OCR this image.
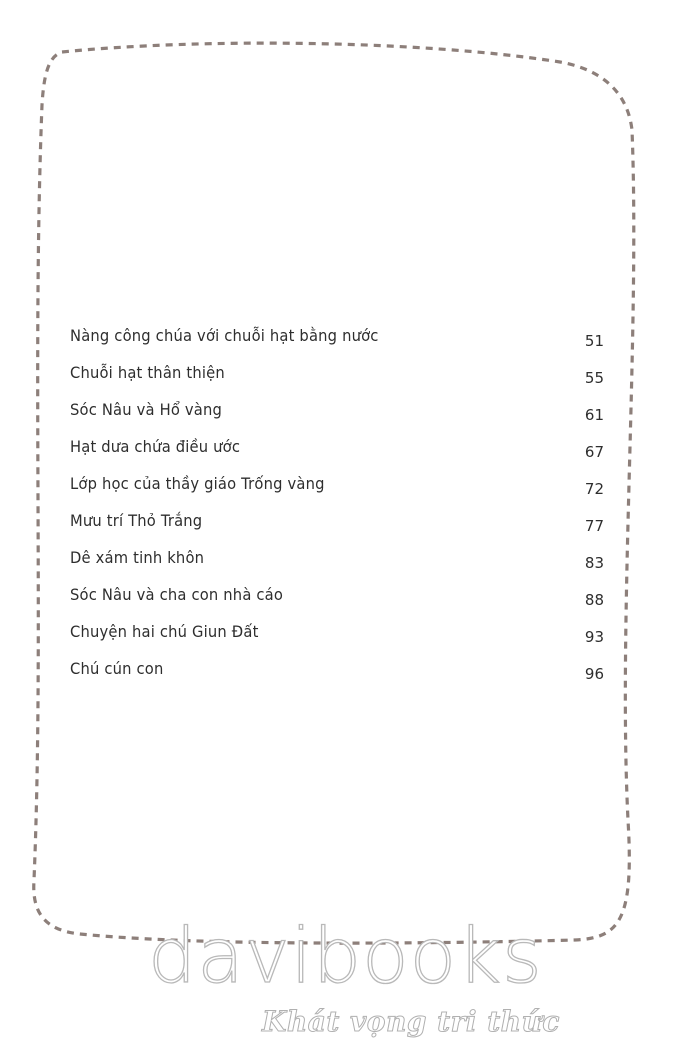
Nàng công chúa với chuỗi hạt bằng nước	51
Chuỗi hạt thân thiện	55
Sóc Nâu và Hổ vàng	61
Hạt dưa chứa điều ước	67
Lớp học của thầy giáo Trống vàng	72
Mưu trí Thỏ Trắng	77
Dê xám tinh khôn	83
Sóc Nâu và cha con nhà cáo	88
Chuyện hai chú Giun Đất	93
Chú cún con	96
davibooks
Khát vọng tri thức
